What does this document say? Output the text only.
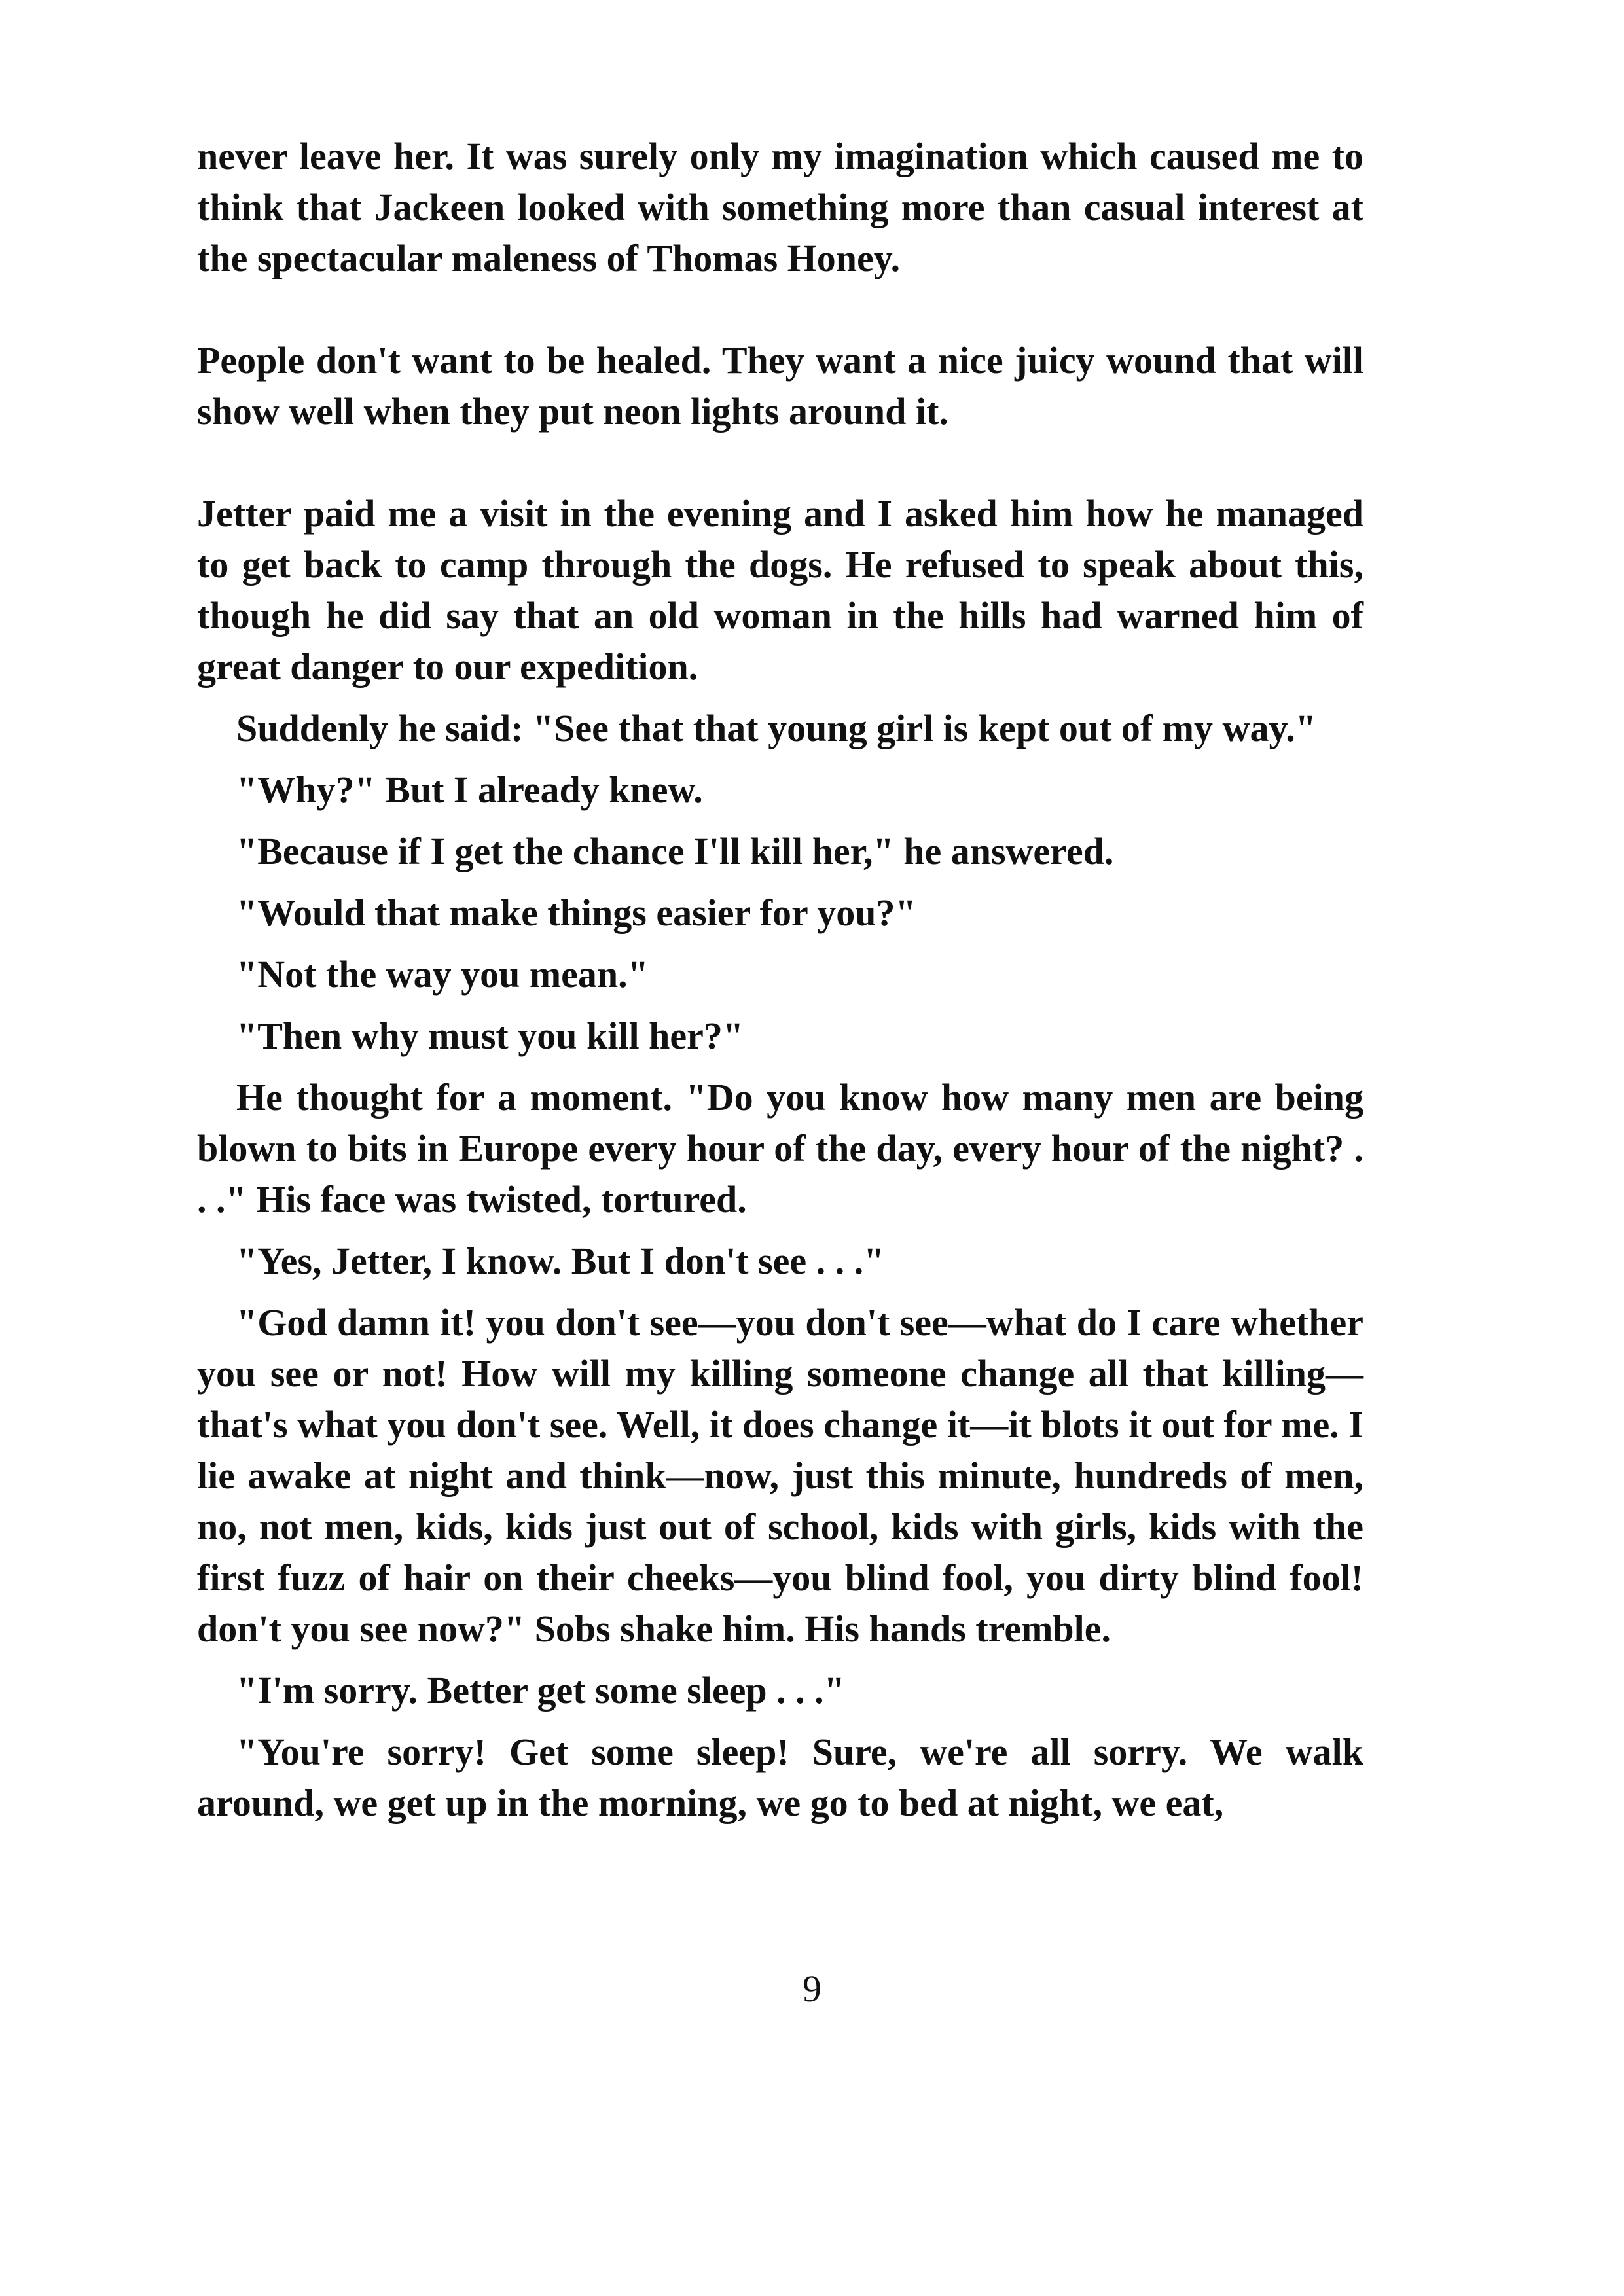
never leave her. It was surely only my imagination which caused me to think that Jackeen looked with something more than casual interest at the spectacular maleness of Thomas Honey.

People don't want to be healed. They want a nice juicy wound that will show well when they put neon lights around it.

Jetter paid me a visit in the evening and I asked him how he managed to get back to camp through the dogs. He refused to speak about this, though he did say that an old woman in the hills had warned him of great danger to our expedition.

Suddenly he said: "See that that young girl is kept out of my way."

"Why?" But I already knew.

"Because if I get the chance I'll kill her," he answered.

"Would that make things easier for you?"

"Not the way you mean."

"Then why must you kill her?"

He thought for a moment. "Do you know how many men are being blown to bits in Europe every hour of the day, every hour of the night? . . ." His face was twisted, tortured.

"Yes, Jetter, I know. But I don't see . . ."

"God damn it! you don't see—you don't see—what do I care whether you see or not! How will my killing someone change all that killing—that's what you don't see. Well, it does change it—it blots it out for me. I lie awake at night and think—now, just this minute, hundreds of men, no, not men, kids, kids just out of school, kids with girls, kids with the first fuzz of hair on their cheeks—you blind fool, you dirty blind fool! don't you see now?" Sobs shake him. His hands tremble.

"I'm sorry. Better get some sleep . . ."

"You're sorry! Get some sleep! Sure, we're all sorry. We walk around, we get up in the morning, we go to bed at night, we eat,

9
